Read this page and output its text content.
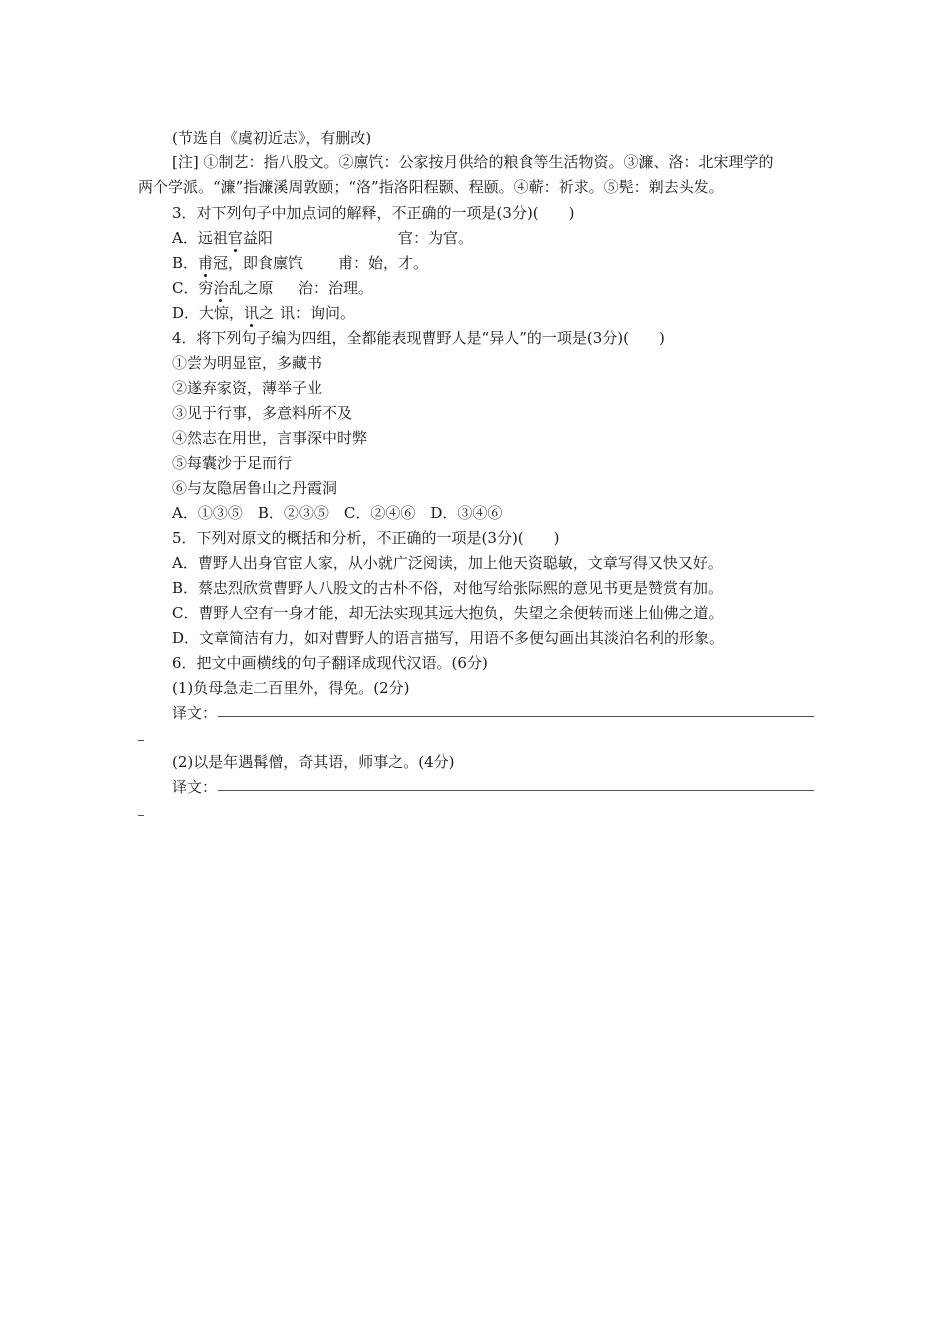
(节选自《虞初近志》，有删改)
[注] ①制艺：指八股文。②廪饩：公家按月供给的粮食等生活物资。③濂、洛：北宋理学的
两个学派。“濂”指濂溪周敦颐；“洛”指洛阳程颢、程颐。④蕲：祈求。⑤髡：剃去头发。
3．对下列句子中加点词的解释，不正确的一项是(3分)(　　)
A．远祖官益阳	官：为官。
B．甫冠，即食廪饩 甫：始，才。
C．穷治乱之原 治：治理。
D．大惊，讯之 讯：询问。
4．将下列句子编为四组，全都能表现曹野人是“异人”的一项是(3分)(　　)
①尝为明显宦，多藏书
②遂弃家资，薄举子业
③见于行事，多意料所不及
④然志在用世，言事深中时弊
⑤每囊沙于足而行
⑥与友隐居鲁山之丹霞洞
A．①③⑤　B．②③⑤　C．②④⑥　D．③④⑥
5．下列对原文的概括和分析，不正确的一项是(3分)(　　)
A．曹野人出身官宦人家，从小就广泛阅读，加上他天资聪敏，文章写得又快又好。
B．蔡忠烈欣赏曹野人八股文的古朴不俗，对他写给张际熙的意见书更是赞赏有加。
C．曹野人空有一身才能，却无法实现其远大抱负，失望之余便转而迷上仙佛之道。
D．文章简洁有力，如对曹野人的语言描写，用语不多便勾画出其淡泊名利的形象。
6．把文中画横线的句子翻译成现代汉语。(6分)
(1)负母急走二百里外，得免。(2分)
译文：
(2)以是年遇髯僧，奇其语，师事之。(4分)
译文：
